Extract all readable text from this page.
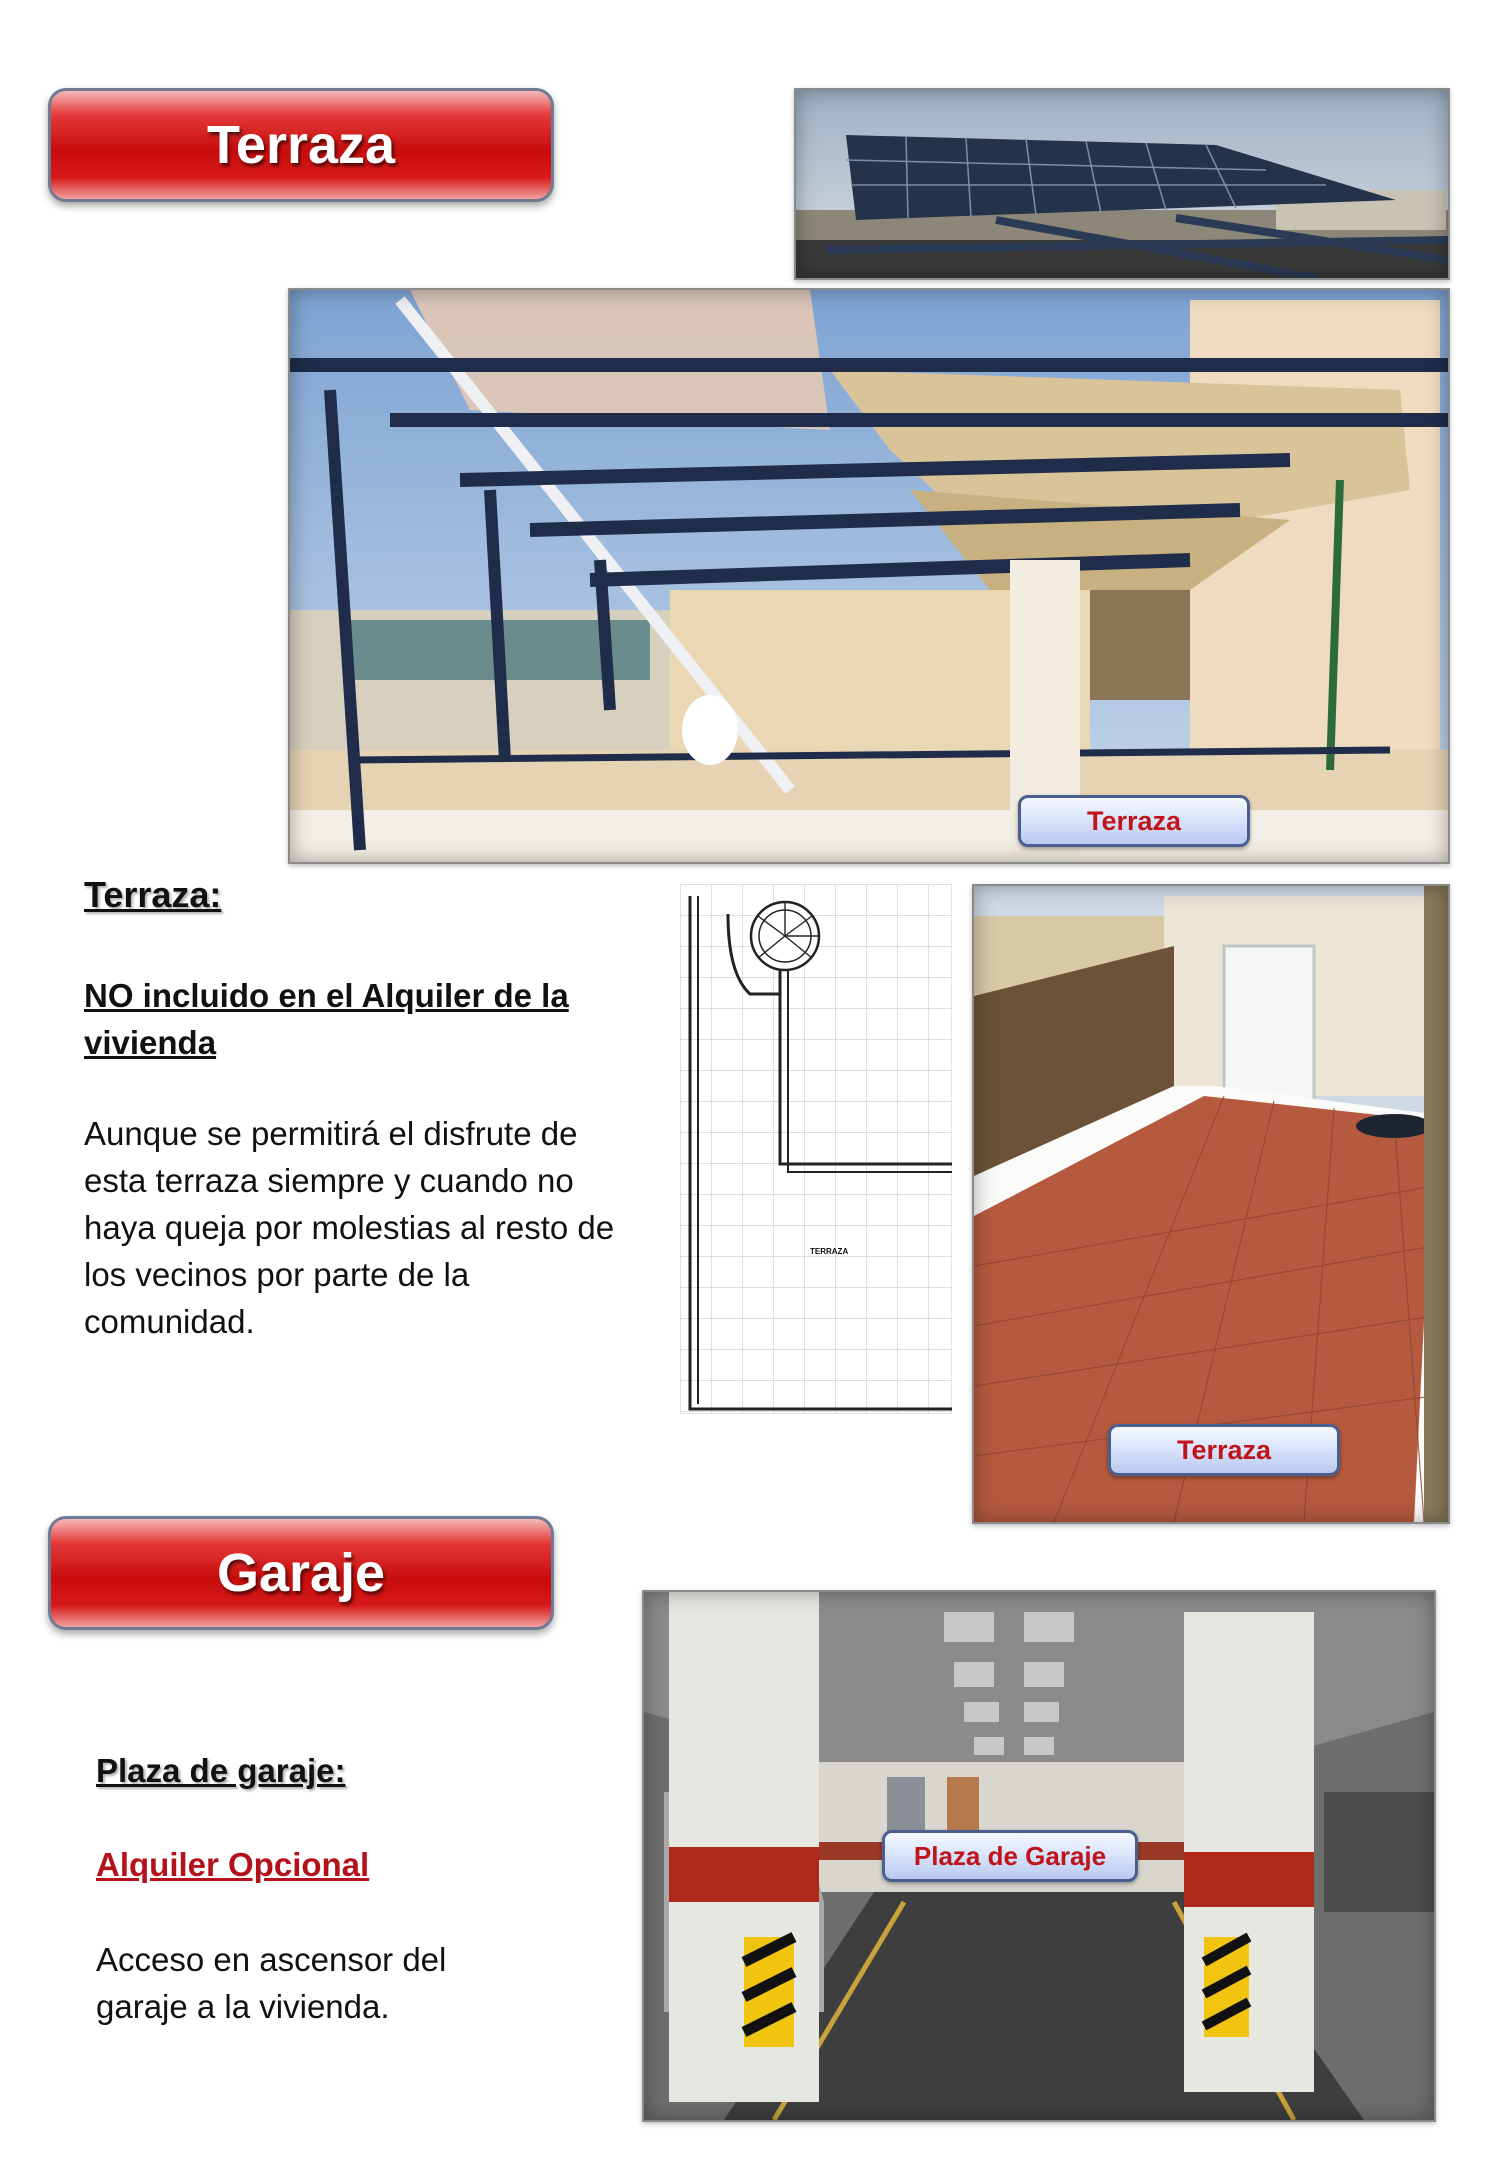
Terraza
Terraza
Terraza:
NO incluido en el Alquiler de la vivienda
Aunque se permitirá el disfrute de esta terraza siempre y cuando no haya queja por molestias al resto de los vecinos por parte de la comunidad.
TERRAZA
Terraza
Garaje
Plaza de garaje:
Alquiler Opcional
Acceso en ascensor del garaje a la vivienda.
Plaza de Garaje
